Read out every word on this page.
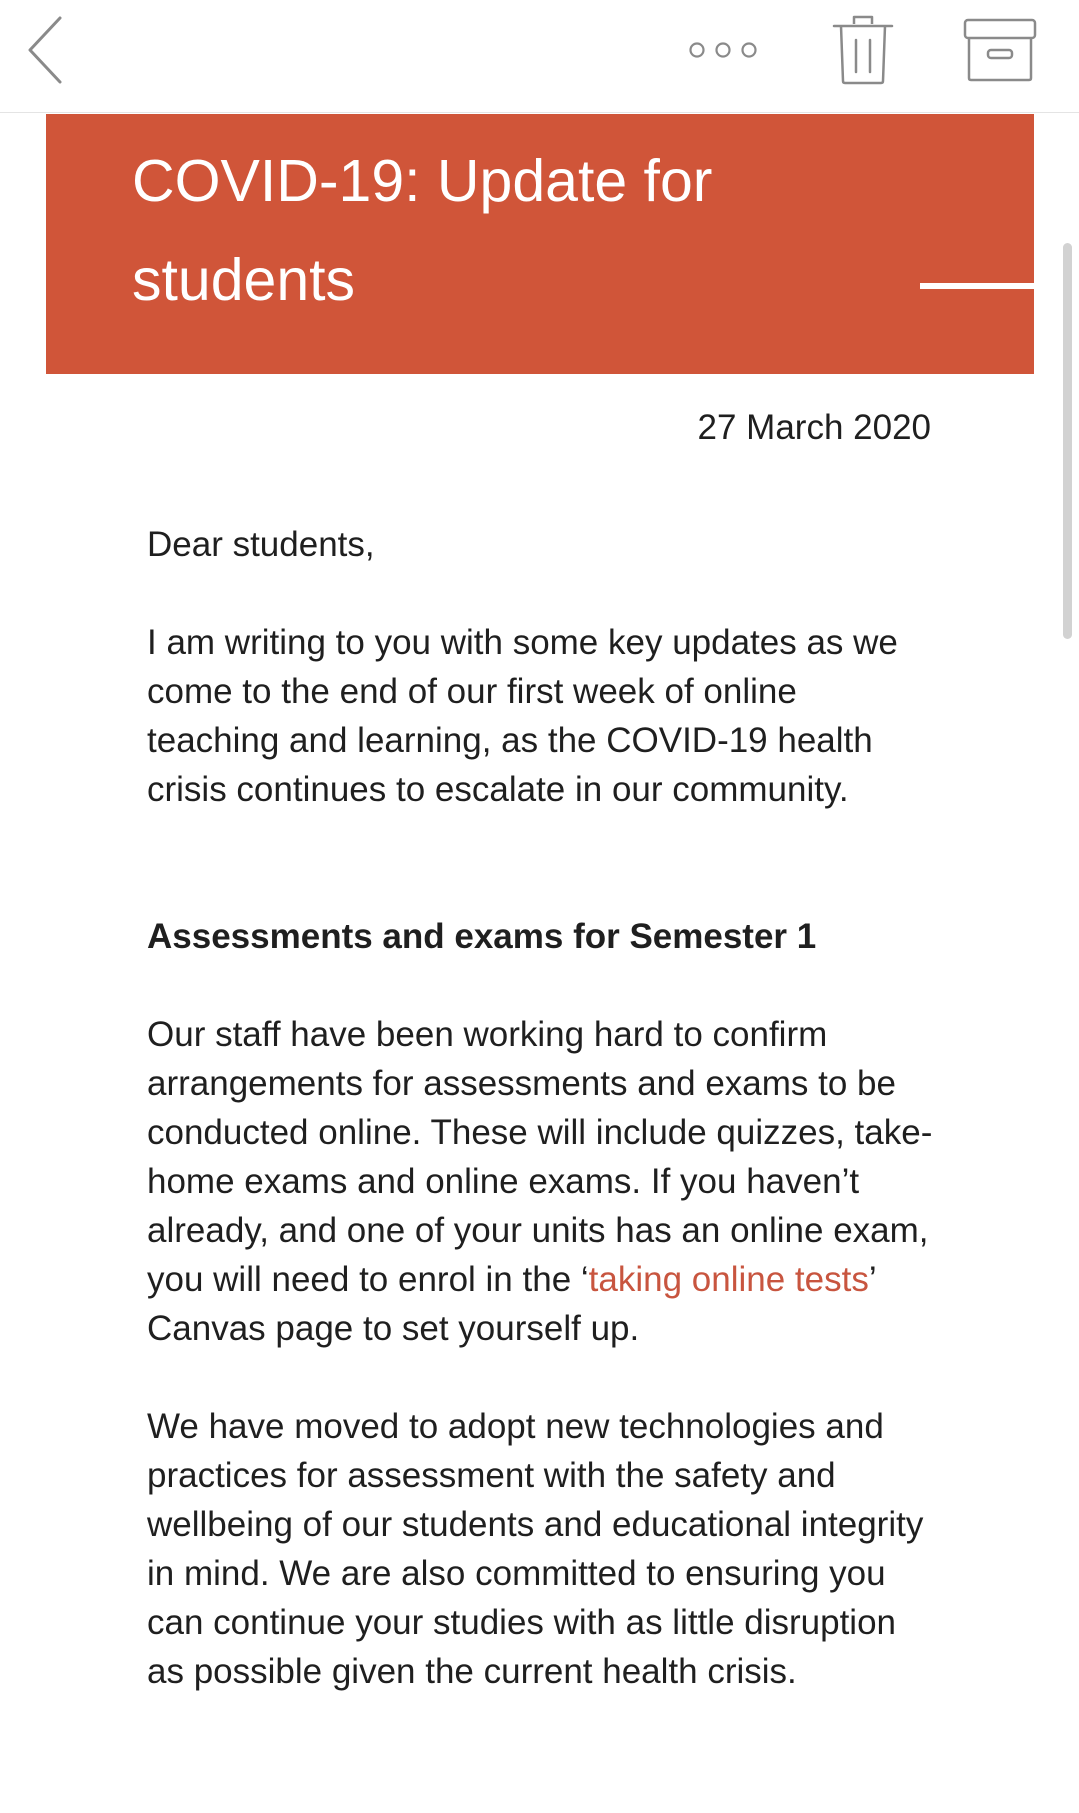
COVID-19: Update for students

27 March 2020

Dear students,

I am writing to you with some key updates as we come to the end of our first week of online teaching and learning, as the COVID-19 health crisis continues to escalate in our community.

Assessments and exams for Semester 1

Our staff have been working hard to confirm arrangements for assessments and exams to be conducted online. These will include quizzes, take-home exams and online exams. If you haven’t already, and one of your units has an online exam, you will need to enrol in the ‘taking online tests’ Canvas page to set yourself up.

We have moved to adopt new technologies and practices for assessment with the safety and wellbeing of our students and educational integrity in mind. We are also committed to ensuring you can continue your studies with as little disruption as possible given the current health crisis.
